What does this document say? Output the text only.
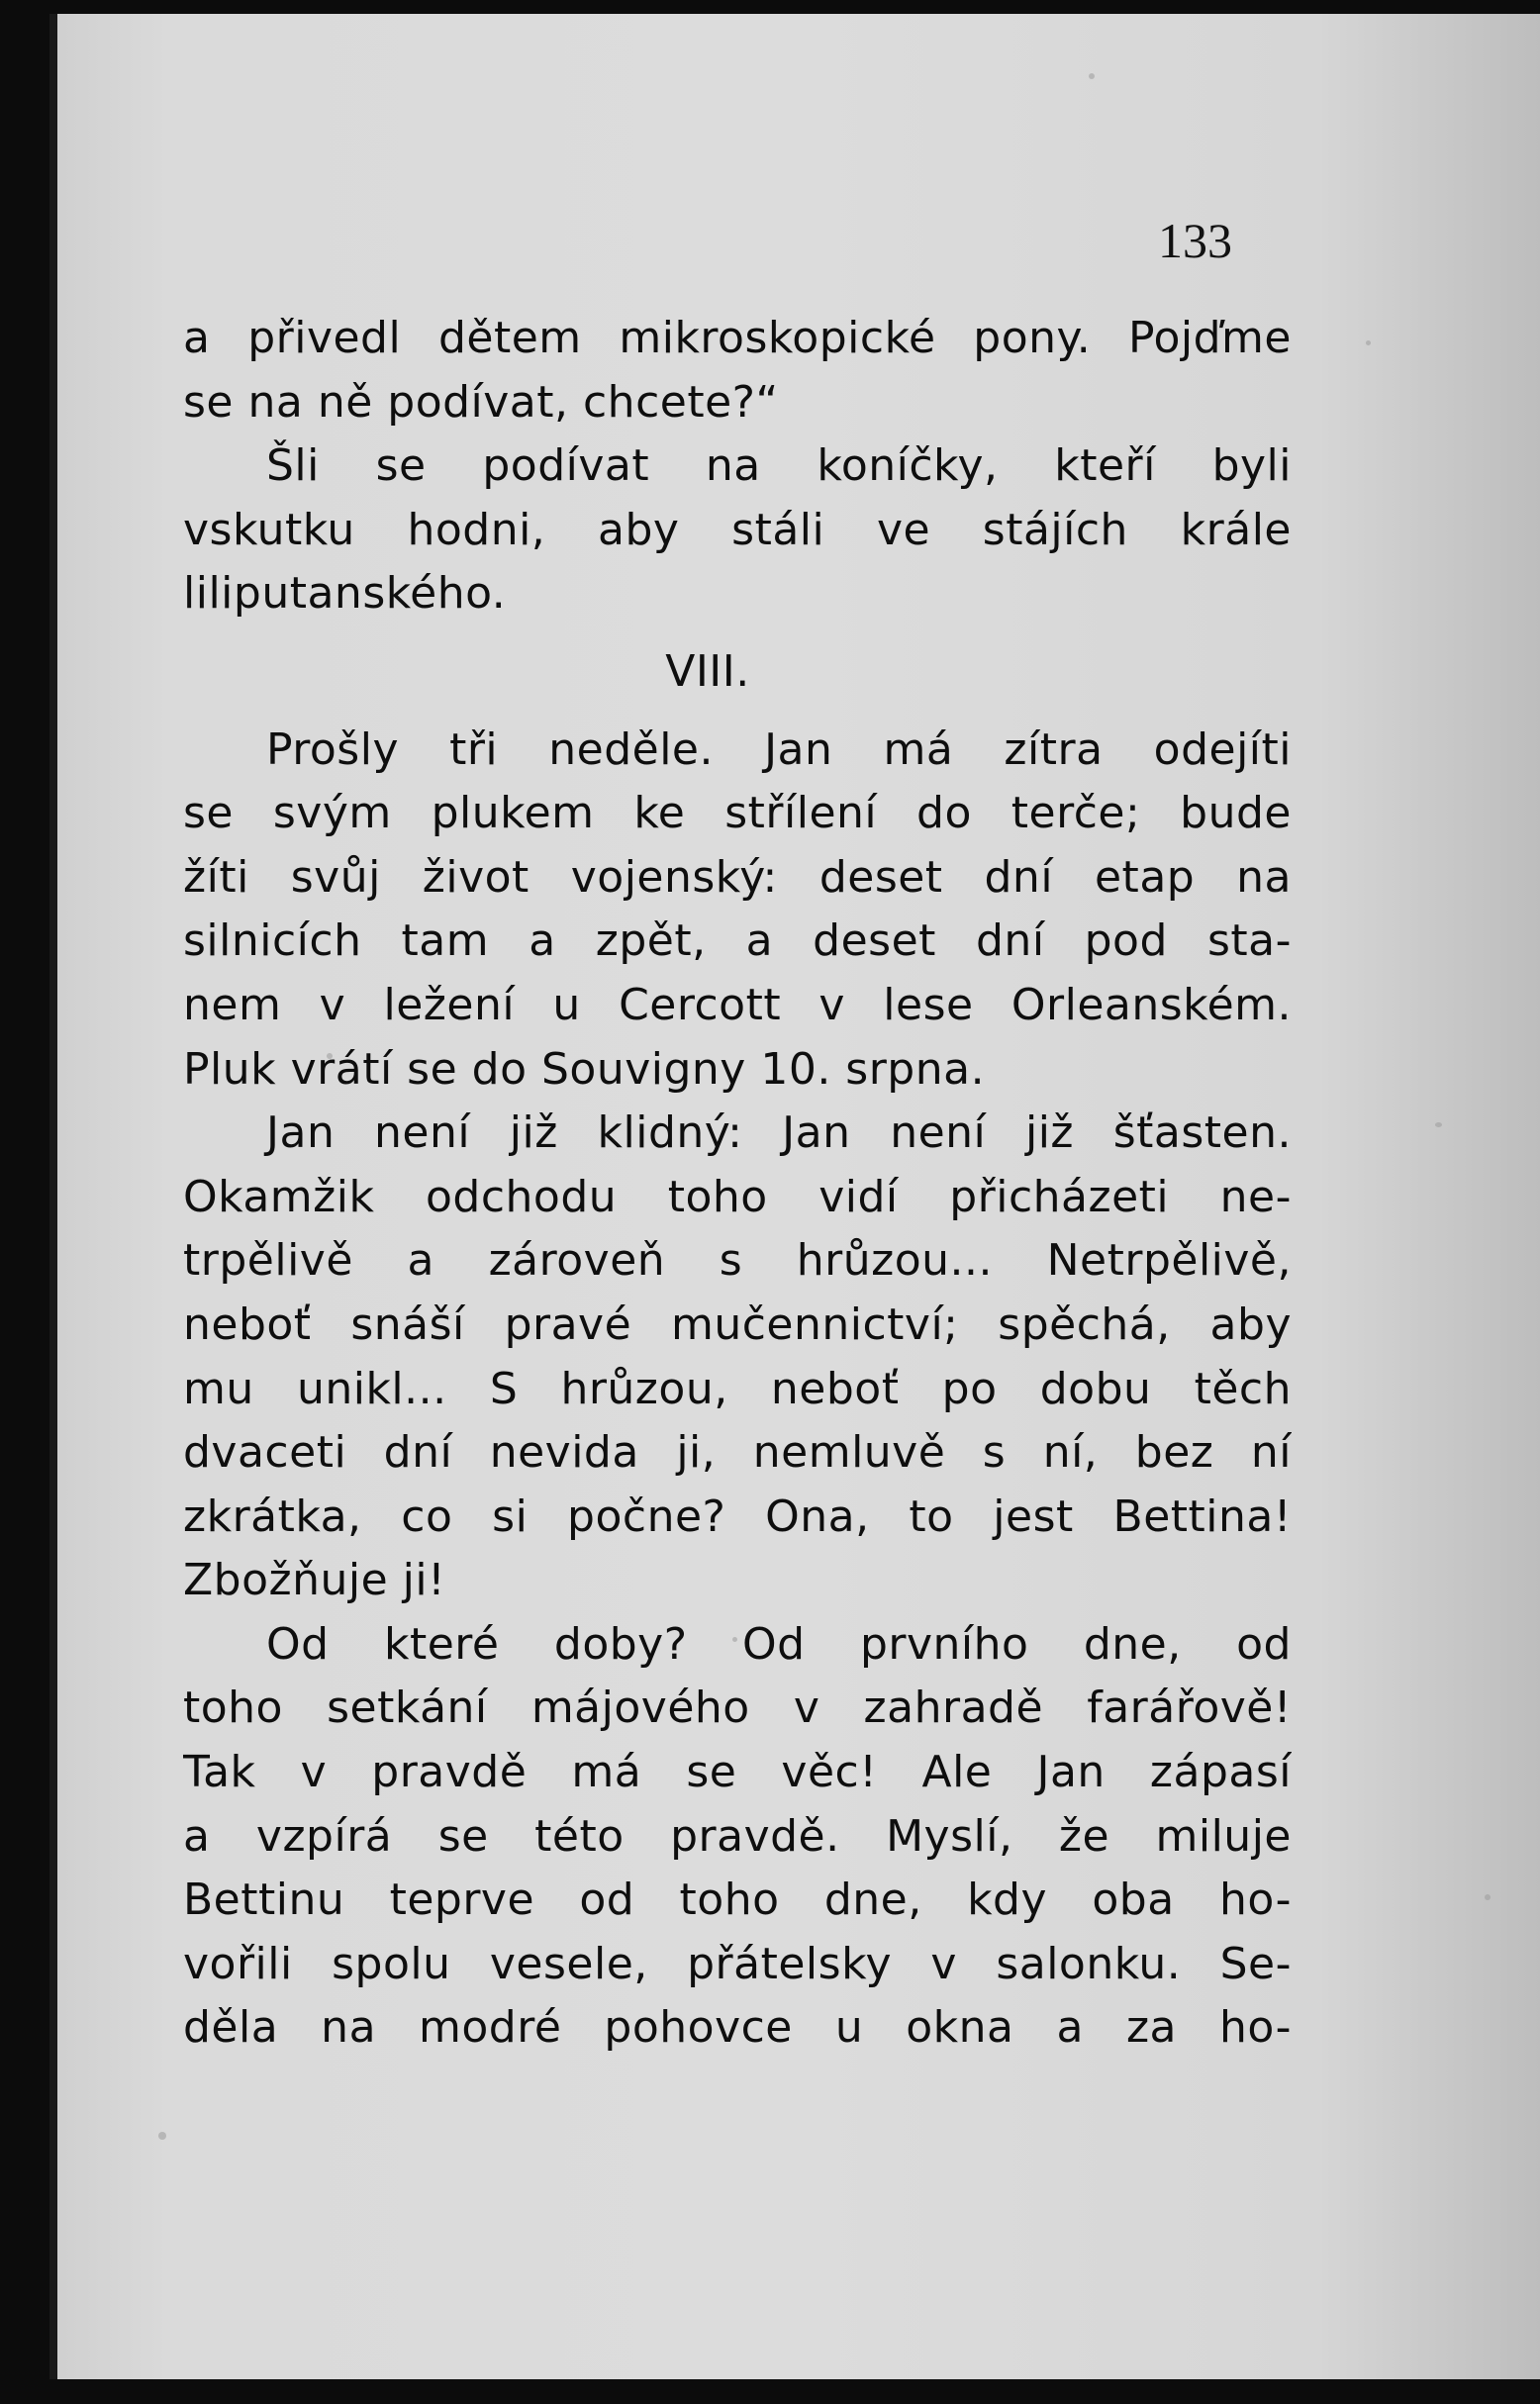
133
a přivedl dětem mikroskopické pony. Pojďme
se na ně podívat, chcete?“
Šli se podívat na koníčky, kteří byli
vskutku hodni, aby stáli ve stájích krále
liliputanského.
VIII.
Prošly tři neděle. Jan má zítra odejíti
se svým plukem ke střílení do terče; bude
žíti svůj život vojenský: deset dní etap na
silnicích tam a zpět, a deset dní pod sta-
nem v ležení u Cercott v lese Orleanském.
Pluk vrátí se do Souvigny 10. srpna.
Jan není již klidný: Jan není již šťasten.
Okamžik odchodu toho vidí přicházeti ne-
trpělivě a zároveň s hrůzou... Netrpělivě,
neboť snáší pravé mučennictví; spěchá, aby
mu unikl... S hrůzou, neboť po dobu těch
dvaceti dní nevida ji, nemluvě s ní, bez ní
zkrátka, co si počne? Ona, to jest Bettina!
Zbožňuje ji!
Od které doby? Od prvního dne, od
toho setkání májového v zahradě farářově!
Tak v pravdě má se věc! Ale Jan zápasí
a vzpírá se této pravdě. Myslí, že miluje
Bettinu teprve od toho dne, kdy oba ho-
vořili spolu vesele, přátelsky v salonku. Se-
děla na modré pohovce u okna a za ho-
